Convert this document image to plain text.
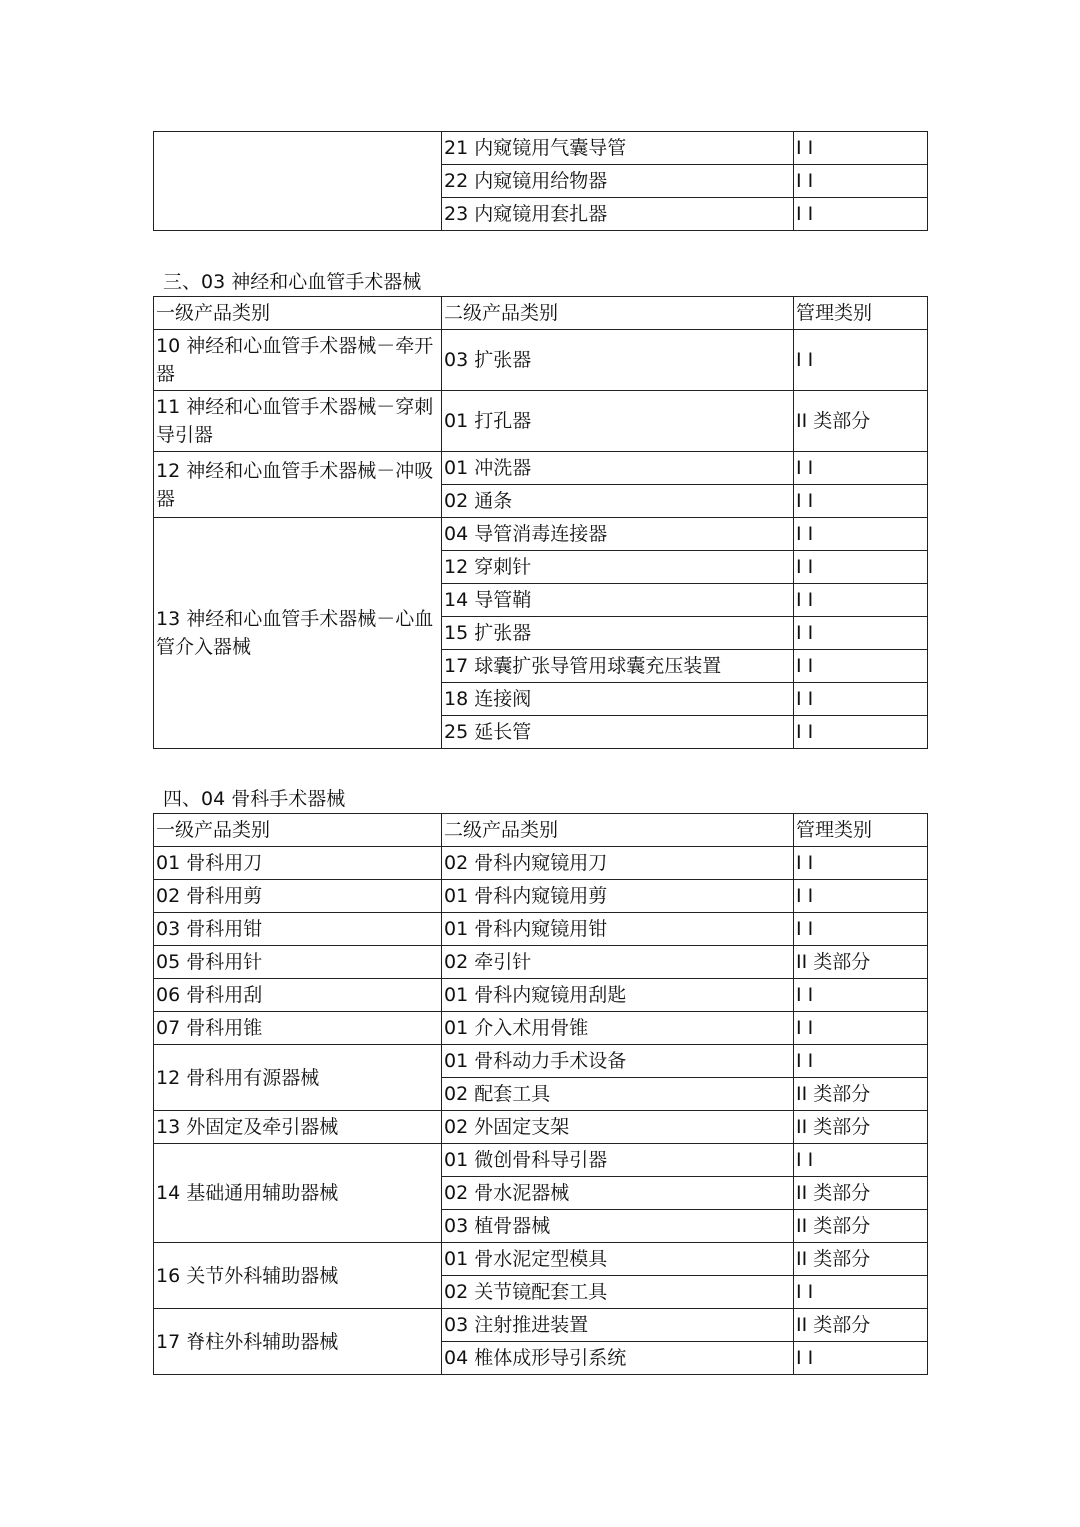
	21 内窥镜用气囊导管	I I
	22 内窥镜用给物器	I I
	23 内窥镜用套扎器	I I
三、03 神经和心血管手术器械
一级产品类别	二级产品类别	管理类别
10 神经和心血管手术器械－牵开器	03 扩张器	I I
11 神经和心血管手术器械－穿刺导引器	01 打孔器	II 类部分
12 神经和心血管手术器械－冲吸器	01 冲洗器	I I
	02 通条	I I
13 神经和心血管手术器械－心血管介入器械	04 导管消毒连接器	I I
	12 穿刺针	I I
	14 导管鞘	I I
	15 扩张器	I I
	17 球囊扩张导管用球囊充压装置	I I
	18 连接阀	I I
	25 延长管	I I
四、04 骨科手术器械
一级产品类别	二级产品类别	管理类别
01 骨科用刀	02 骨科内窥镜用刀	I I
02 骨科用剪	01 骨科内窥镜用剪	I I
03 骨科用钳	01 骨科内窥镜用钳	I I
05 骨科用针	02 牵引针	II 类部分
06 骨科用刮	01 骨科内窥镜用刮匙	I I
07 骨科用锥	01 介入术用骨锥	I I
12 骨科用有源器械	01 骨科动力手术设备	I I
	02 配套工具	II 类部分
13 外固定及牵引器械	02 外固定支架	II 类部分
14 基础通用辅助器械	01 微创骨科导引器	I I
	02 骨水泥器械	II 类部分
	03 植骨器械	II 类部分
16 关节外科辅助器械	01 骨水泥定型模具	II 类部分
	02 关节镜配套工具	I I
17 脊柱外科辅助器械	03 注射推进装置	II 类部分
	04 椎体成形导引系统	I I
